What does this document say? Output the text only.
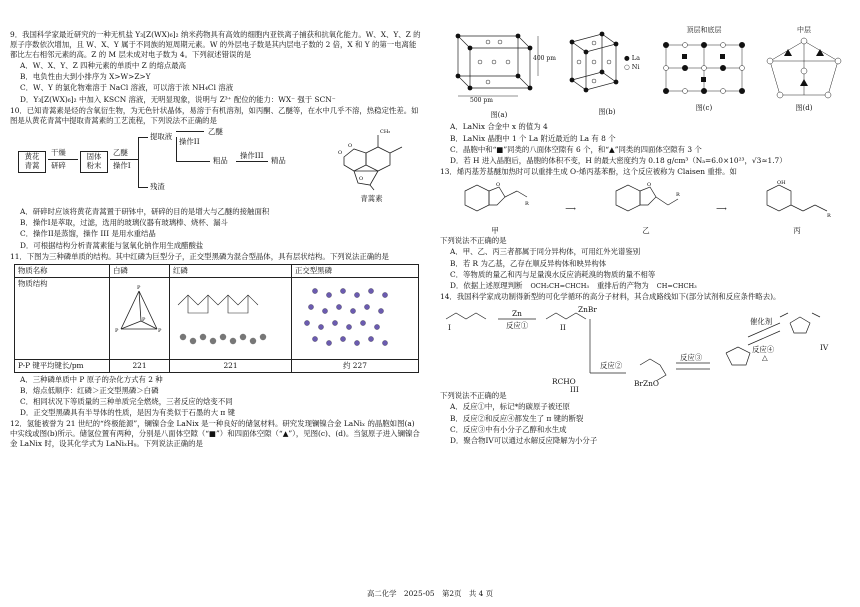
9．我国科学家最近研究的一种无机盐 Y₃[Z(WX)₆]₂ 纳米药物具有高效的细胞内亚铁离子捕获和抗氧化能力。W、X、Y、Z 的原子序数依次增加，且 W、X、Y 属于不同族的短周期元素。W 的外层电子数是其内层电子数的 2 倍，X 和 Y 的第一电离能都比左右相邻元素的高。Z 的 M 层未成对电子数为 4。下列叙述错误的是
A．W、X、Y、Z 四种元素的单质中 Z 的熔点最高
B．电负性由大到小排序为 X>W>Z>Y
C．W、Y 的氯化物难溶于 NaCl 溶液，可以溶于浓 NH₄Cl 溶液
D．Y₃[Z(WX)₆]₂ 中加入 KSCN 溶液，无明显现象，说明与 Z³⁺ 配位的能力：WX⁻ 强于 SCN⁻
10．已知青蒿素是烃的含氧衍生物，为无色针状晶体，易溶于有机溶剂，如丙酮、乙醚等，在水中几乎不溶，热稳定性差。如图是从黄花青蒿中提取青蒿素的工艺流程，下列说法不正确的是
黄花青蒿
干燥
研碎
固体粉末
乙醚
操作I
提取液
残渣
操作II
乙醚
粗品
操作III
精品
O
O
O
CH₃
青蒿素
A．研碎时应该将黄花青蒿置于研钵中，研碎的目的是增大与乙醚的接触面积
B．操作I是萃取，过滤，选用的玻璃仪器有玻璃棒、烧杯、漏斗
C．操作II是蒸馏，操作 III 是用水重结晶
D．可根据结构分析青蒿素能与氢氧化钠作用生成醋酸盐
11．下图为三种磷单质的结构。其中红磷为巨型分子，正交型黑磷为混合型晶体，具有层状结构。下列说法正确的是
物质名称	白磷	红磷	正交型黑磷
物质结构	P
P P
P

P-P 键平均键长/pm	221	221	约 227
A．三种磷单质中 P 原子的杂化方式有 2 种
B．熔点低顺序：红磷＞正交型黑磷＞白磷
C．相同状况下等质量的三种单质完全燃烧，三者反应的焓变不同
D．正交型黑磷具有半导体的性质，是因为有类似于石墨的大 π 键
12．氢能被誉为 21 世纪的“终极能源”，镧镍合金 LaNix 是一种良好的储氢材料。研究发现镧镍合金 LaNiₓ 的晶胞如图(a)中实线或图(b)所示。储氢位置有两种，分别是八面体空隙（“■”）和四面体空隙（“▲”），见图(c)、(d)。当氢原子进入镧镍合金 LaNix 时，设其化学式为 LaNiₓHᵧ。下列说法正确的是
400 pm
500 pm
图(a)
● La
○ Ni
图(b)
顶层和底层
图(c)
中层
图(d)
A．LaNix 合金中 x 的值为 4
B．LaNix 晶胞中 1 个 La 附近最近的 La 有 8 个
C．晶胞中和“■”同类的八面体空隙有 6 个，和“▲”同类的四面体空隙有 3 个
D．若 H 进入晶胞后，晶胞的体积不变，H 的最大密度约为 0.18 g/cm³（Nₐ=6.0×10²³，√3≈1.7）
13．烯丙基芳基醚加热时可以重排生成 O-烯丙基苯酚，这个反应被称为 Claisen 重排。如
O
R
甲
⟶
O
R
乙
⟶
OH
R
丙
下列说法不正确的是
A．甲、乙、丙三者都属于同分异构体，可用红外光谱鉴别
B．若 R 为乙基，乙存在顺反异构体和映异构体
C．等物质的量乙和丙与足量溴水反应消耗溴的物质的量不相等
D．依据上述原理判断 OCH₂CH=CHCH₃ 重排后的产物为 CH=CHCH₃
14．我国科学家成功制得新型的可化学循环的高分子材料，其合成路线如下(部分试剂和反应条件略去)。
I
Zn
反应①
ZnBr
II
反应②
RCHO
III
BrZnO
反应③
催化剂
反应④
△
IV
下列说法不正确的是
A．反应①中，标记*的碳原子被还原
B．反应②和反应④都发生了 π 键的断裂
C．反应③中有小分子乙醇和水生成
D．聚合物IV可以通过水解反应降解为小分子
高二化学　2025-05　第2页　共 4 页
